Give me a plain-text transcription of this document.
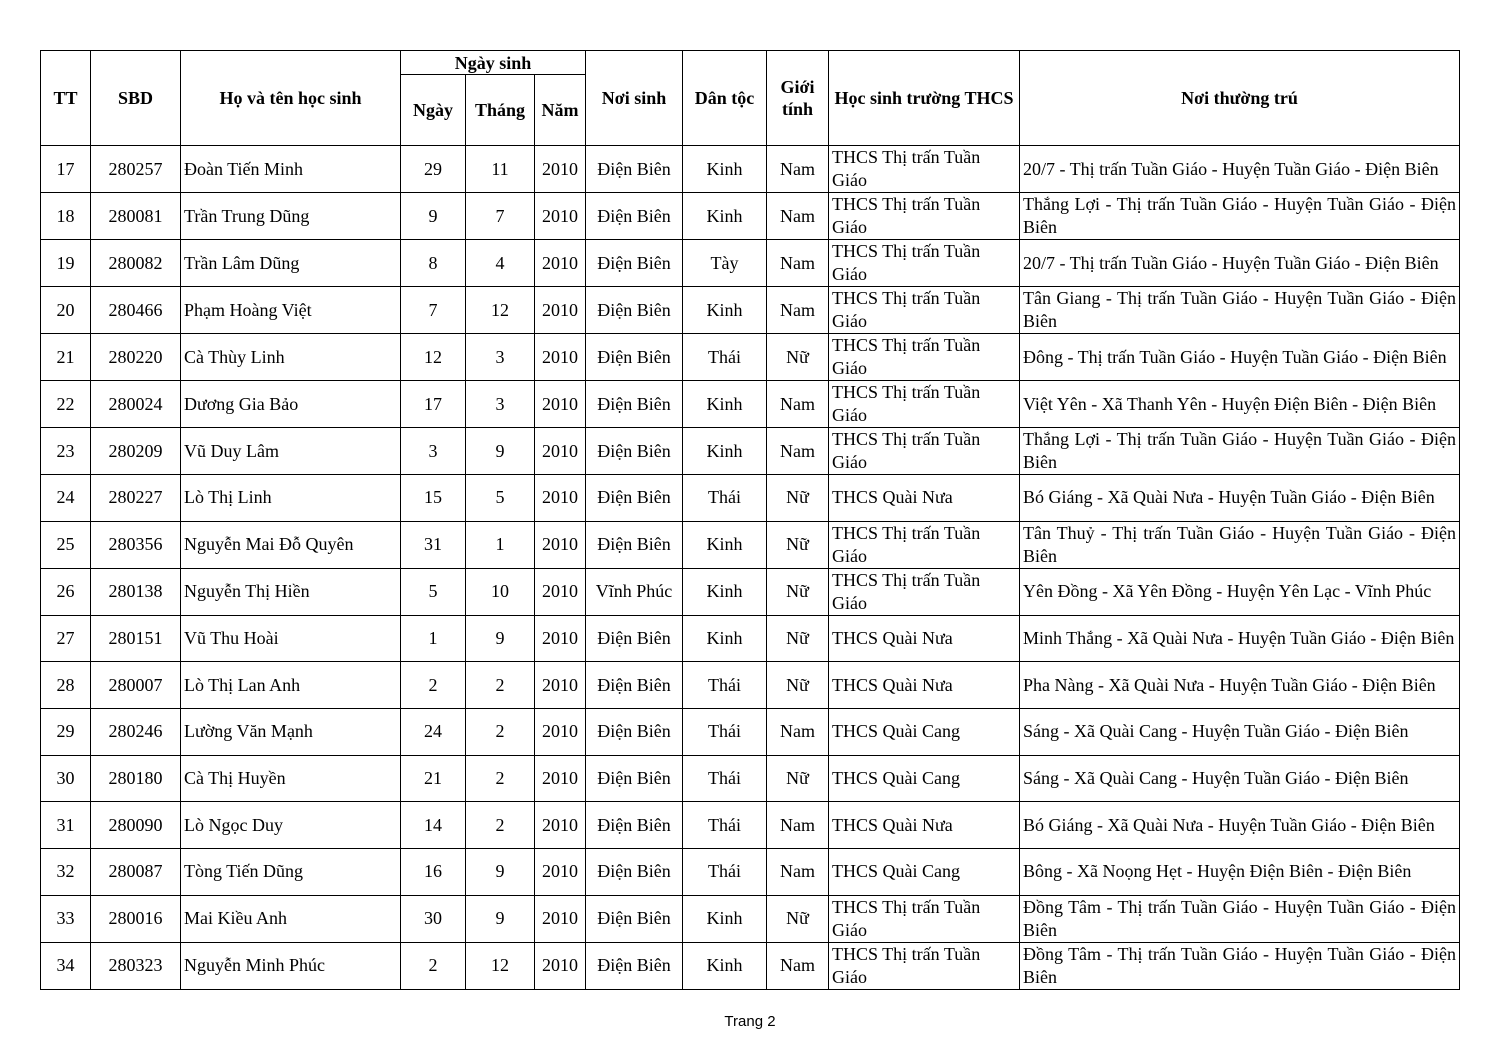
TT	SBD	Họ và tên học sinh	Ngày sinh			Nơi sinh	Dân tộc	Giới tính	Học sinh trường THCS	Nơi thường trú
			Ngày	Tháng	Năm					
17	280257	Đoàn Tiến Minh	29	11	2010	Điện Biên	Kinh	Nam	THCS Thị trấn Tuần Giáo	20/7 - Thị trấn Tuần Giáo - Huyện Tuần Giáo - Điện Biên
18	280081	Trần Trung Dũng	9	7	2010	Điện Biên	Kinh	Nam	THCS Thị trấn Tuần Giáo	Thắng Lợi - Thị trấn Tuần Giáo - Huyện Tuần Giáo - Điện Biên
19	280082	Trần Lâm Dũng	8	4	2010	Điện Biên	Tày	Nam	THCS Thị trấn Tuần Giáo	20/7 - Thị trấn Tuần Giáo - Huyện Tuần Giáo - Điện Biên
20	280466	Phạm Hoàng Việt	7	12	2010	Điện Biên	Kinh	Nam	THCS Thị trấn Tuần Giáo	Tân Giang - Thị trấn Tuần Giáo - Huyện Tuần Giáo - Điện Biên
21	280220	Cà Thùy Linh	12	3	2010	Điện Biên	Thái	Nữ	THCS Thị trấn Tuần Giáo	Đông - Thị trấn Tuần Giáo - Huyện Tuần Giáo - Điện Biên
22	280024	Dương Gia Bảo	17	3	2010	Điện Biên	Kinh	Nam	THCS Thị trấn Tuần Giáo	Việt Yên - Xã Thanh Yên - Huyện Điện Biên - Điện Biên
23	280209	Vũ Duy Lâm	3	9	2010	Điện Biên	Kinh	Nam	THCS Thị trấn Tuần Giáo	Thắng Lợi - Thị trấn Tuần Giáo - Huyện Tuần Giáo - Điện Biên
24	280227	Lò Thị Linh	15	5	2010	Điện Biên	Thái	Nữ	THCS Quài Nưa	Bó Giáng - Xã Quài Nưa - Huyện Tuần Giáo - Điện Biên
25	280356	Nguyễn Mai Đỗ Quyên	31	1	2010	Điện Biên	Kinh	Nữ	THCS Thị trấn Tuần Giáo	Tân Thuỷ - Thị trấn Tuần Giáo - Huyện Tuần Giáo - Điện Biên
26	280138	Nguyễn Thị Hiền	5	10	2010	Vĩnh Phúc	Kinh	Nữ	THCS Thị trấn Tuần Giáo	Yên Đồng - Xã Yên Đồng - Huyện Yên Lạc - Vĩnh Phúc
27	280151	Vũ Thu Hoài	1	9	2010	Điện Biên	Kinh	Nữ	THCS Quài Nưa	Minh Thắng - Xã Quài Nưa - Huyện Tuần Giáo - Điện Biên
28	280007	Lò Thị Lan Anh	2	2	2010	Điện Biên	Thái	Nữ	THCS Quài Nưa	Pha Nàng - Xã Quài Nưa - Huyện Tuần Giáo - Điện Biên
29	280246	Lường Văn Mạnh	24	2	2010	Điện Biên	Thái	Nam	THCS Quài Cang	Sáng - Xã Quài Cang - Huyện Tuần Giáo - Điện Biên
30	280180	Cà Thị Huyền	21	2	2010	Điện Biên	Thái	Nữ	THCS Quài Cang	Sáng - Xã Quài Cang - Huyện Tuần Giáo - Điện Biên
31	280090	Lò Ngọc Duy	14	2	2010	Điện Biên	Thái	Nam	THCS Quài Nưa	Bó Giáng - Xã Quài Nưa - Huyện Tuần Giáo - Điện Biên
32	280087	Tòng Tiến Dũng	16	9	2010	Điện Biên	Thái	Nam	THCS Quài Cang	Bông - Xã Noọng Hẹt - Huyện Điện Biên - Điện Biên
33	280016	Mai Kiều Anh	30	9	2010	Điện Biên	Kinh	Nữ	THCS Thị trấn Tuần Giáo	Đồng Tâm - Thị trấn Tuần Giáo - Huyện Tuần Giáo - Điện Biên
34	280323	Nguyễn Minh Phúc	2	12	2010	Điện Biên	Kinh	Nam	THCS Thị trấn Tuần Giáo	Đồng Tâm - Thị trấn Tuần Giáo - Huyện Tuần Giáo - Điện Biên
Trang 2
